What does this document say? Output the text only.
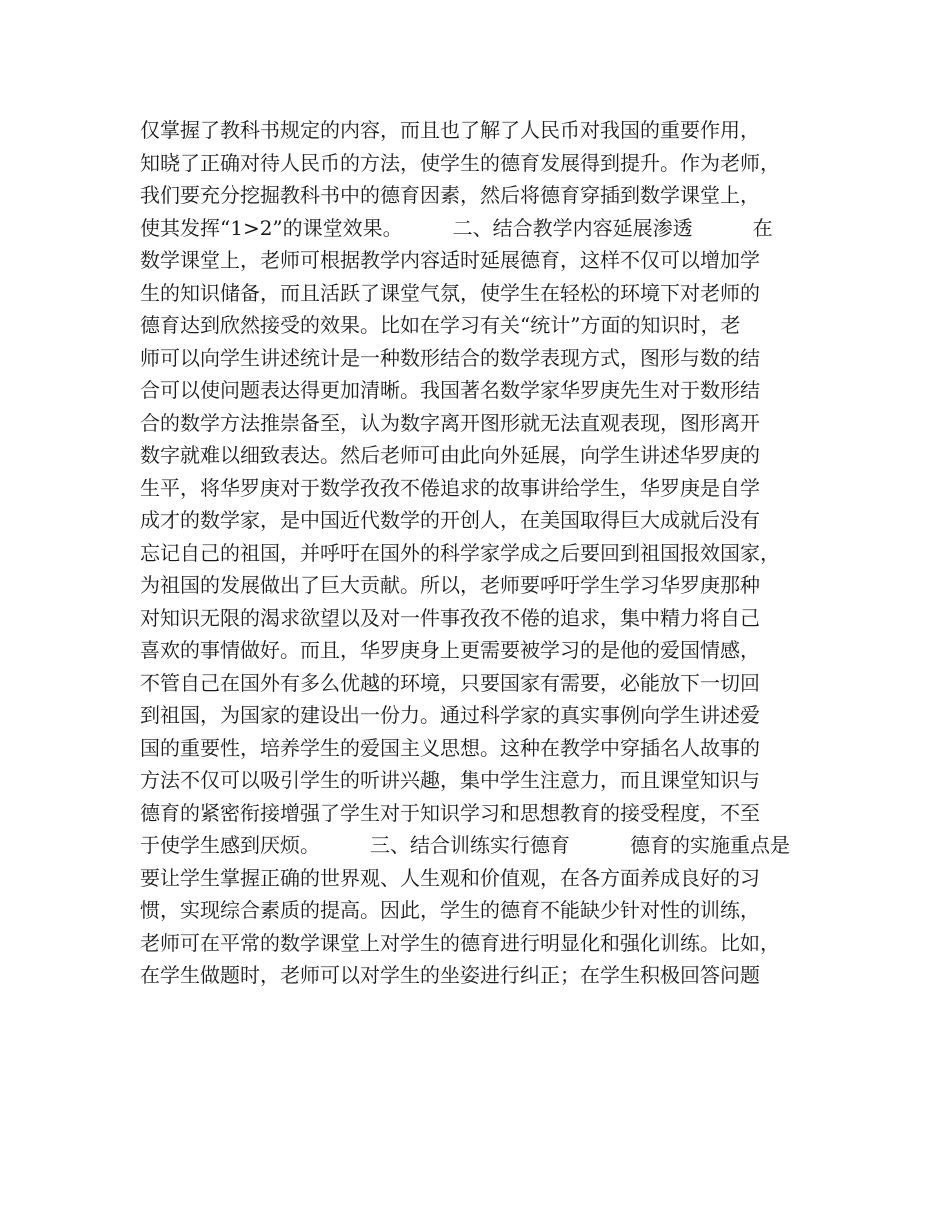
仅掌握了教科书规定的内容，而且也了解了人民币对我国的重要作用，
知晓了正确对待人民币的方法，使学生的德育发展得到提升。作为老师，
我们要充分挖掘教科书中的德育因素，然后将德育穿插到数学课堂上，
使其发挥“1>2”的课堂效果。　　　二、结合教学内容延展渗透　　　在
数学课堂上，老师可根据教学内容适时延展德育，这样不仅可以增加学
生的知识储备，而且活跃了课堂气氛，使学生在轻松的环境下对老师的
德育达到欣然接受的效果。比如在学习有关“统计”方面的知识时，老
师可以向学生讲述统计是一种数形结合的数学表现方式，图形与数的结
合可以使问题表达得更加清晰。我国著名数学家华罗庚先生对于数形结
合的数学方法推崇备至，认为数字离开图形就无法直观表现，图形离开
数字就难以细致表达。然后老师可由此向外延展，向学生讲述华罗庚的
生平，将华罗庚对于数学孜孜不倦追求的故事讲给学生，华罗庚是自学
成才的数学家，是中国近代数学的开创人，在美国取得巨大成就后没有
忘记自己的祖国，并呼吁在国外的科学家学成之后要回到祖国报效国家，
为祖国的发展做出了巨大贡献。所以，老师要呼吁学生学习华罗庚那种
对知识无限的渴求欲望以及对一件事孜孜不倦的追求，集中精力将自己
喜欢的事情做好。而且，华罗庚身上更需要被学习的是他的爱国情感，
不管自己在国外有多么优越的环境，只要国家有需要，必能放下一切回
到祖国，为国家的建设出一份力。通过科学家的真实事例向学生讲述爱
国的重要性，培养学生的爱国主义思想。这种在教学中穿插名人故事的
方法不仅可以吸引学生的听讲兴趣，集中学生注意力，而且课堂知识与
德育的紧密衔接增强了学生对于知识学习和思想教育的接受程度，不至
于使学生感到厌烦。　　　三、结合训练实行德育　　　德育的实施重点是
要让学生掌握正确的世界观、人生观和价值观，在各方面养成良好的习
惯，实现综合素质的提高。因此，学生的德育不能缺少针对性的训练，
老师可在平常的数学课堂上对学生的德育进行明显化和强化训练。比如，
在学生做题时，老师可以对学生的坐姿进行纠正；在学生积极回答问题
